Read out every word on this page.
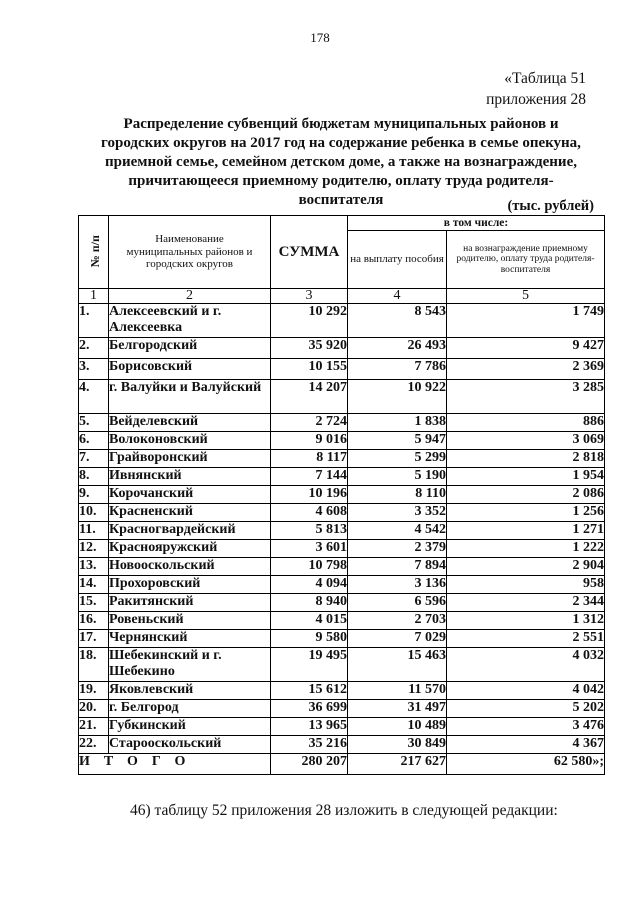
178
«Таблица 51
приложения 28
Распределение субвенций бюджетам муниципальных районов и городских округов на 2017 год на содержание ребенка в семье опекуна, приемной семье, семейном детском доме, а также на вознаграждение, причитающееся приемному родителю, оплату труда родителя-воспитателя	(тыс. рублей)
№ п/п	Наименование муниципальных районов и городских округов	СУММА	в том числе:	
			на выплату пособия	на вознаграждение приемному родителю, оплату труда родителя-воспитателя
1	2	3	4	5
1.	Алексеевский и г. Алексеевка	10 292	8 543	1 749
2.	Белгородский	35 920	26 493	9 427
3.	Борисовский	10 155	7 786	2 369
4.	г. Валуйки и Валуйский	14 207	10 922	3 285
5.	Вейделевский	2 724	1 838	886
6.	Волоконовский	9 016	5 947	3 069
7.	Грайворонский	8 117	5 299	2 818
8.	Ивнянский	7 144	5 190	1 954
9.	Корочанский	10 196	8 110	2 086
10.	Красненский	4 608	3 352	1 256
11.	Красногвардейский	5 813	4 542	1 271
12.	Краснояружский	3 601	2 379	1 222
13.	Новооскольский	10 798	7 894	2 904
14.	Прохоровский	4 094	3 136	958
15.	Ракитянский	8 940	6 596	2 344
16.	Ровеньский	4 015	2 703	1 312
17.	Чернянский	9 580	7 029	2 551
18.	Шебекинский и г. Шебекино	19 495	15 463	4 032
19.	Яковлевский	15 612	11 570	4 042
20.	г. Белгород	36 699	31 497	5 202
21.	Губкинский	13 965	10 489	3 476
22.	Старооскольский	35 216	30 849	4 367
ИТОГО		280 207	217 627	62 580»;
46) таблицу 52 приложения 28 изложить в следующей редакции:
